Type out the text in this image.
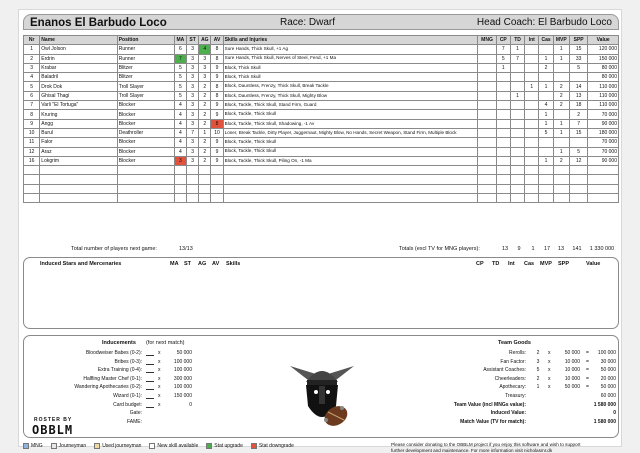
Enanos El Barbudo Loco	Race: Dwarf	Head Coach: El Barbudo Loco
Nr	Name	Position	MA	ST	AG	AV	Skills and Injuries	MNG	CP	TD	Int	Cas	MVP	SPP	Value
1	Owl Jolson	Runner	6	3	4	8	Sure Hands, Thick Skull, +1 Ag		7	1			1	15	120 000
2	Erdrin	Runner	7	3	3	8	Sure Hands, Thick Skull, Nerves of Steel, Fend, +1 Ma		5	7		1	1	33	150 000
3	Krabar	Blitzer	5	3	3	9	Block, Thick Skull		1			2		5	80 000
4	Baladril	Blitzer	5	3	3	9	Block, Thick Skull								80 000
5	Drok Dok	Troll Slayer	5	3	2	8	Block, Dauntless, Frenzy, Thick Skull, Break Tackle				1	1	2	14	110 000
6	Ghisal Thagi	Troll Slayer	5	3	2	8	Block, Dauntless, Frenzy, Thick Skull, Mighty Blow			1			2	13	110 000
7	Varli "El Tortuga"	Blocker	4	3	2	9	Block, Tackle, Thick Skull, Stand Firm, Guard					4	2	18	110 000
8	Kruring	Blocker	4	3	2	9	Block, Tackle, Thick Skull					1		2	70 000
9	Angg	Blocker	4	3	2	8	Block, Tackle, Thick Skull, Shadowing, -1 Av					1	1	7	90 000
10	Burul	Deathroller	4	7	1	10	Loner, Break Tackle, Dirty Player, Juggernaut, Mighty Blow, No Hands, Secret Weapon, Stand Firm, Multiple Block					5	1	15	180 000
11	Falor	Blocker	4	3	2	9	Block, Tackle, Thick Skull								70 000
12	Araz	Blocker	4	3	2	9	Block, Tackle, Thick Skull						1	5	70 000
16	Lokgrim	Blocker	3	3	2	9	Block, Tackle, Thick Skull, Piling On, -1 Ma					1	2	12	90 000

Total number of players next game:	13/13	Totals (excl TV for MNG players):	13	9	1	17	13	141	1 330 000
Induced Stars and Mercenaries	MA ST AG AV Skills	CP TD Int Cas MVP SPP	Value
Inducements (for next match)
Bloodweiser Babes (0-2):	x	50 000
Bribes (0-3):	x	100 000
Extra Training (0-4):	x	100 000
Halfling Master Chef (0-1):	x	300 000
Wandering Apothecaries (0-2):	x	100 000
Wizard (0-1):	x	150 000
Card budget:	x	0
Gate:
FAME:
ROSTER BY
OBBLM
Team Goods
Rerolls:	2	x	50 000 = 100 000
Fan Factor:	3	x	10 000 = 30 000
Assistant Coaches:	5	x	10 000 = 50 000
Cheerleaders:	2	x	10 000 = 20 000
Apothecary:	1	x	50 000 = 50 000
Treasury:	60 000
Team Value (incl MNGs value):	1 580 000
Induced Value:	0
Match Value (TV for match):	1 580 000
MNG	Journeyman	Used journeyman	New skill available	Stat upgrade	Stat downgrade	Please consider donating to the OBBLM project if you enjoy this software and wish to support
further development and maintenance. For more information visit nicholasmr.dk
